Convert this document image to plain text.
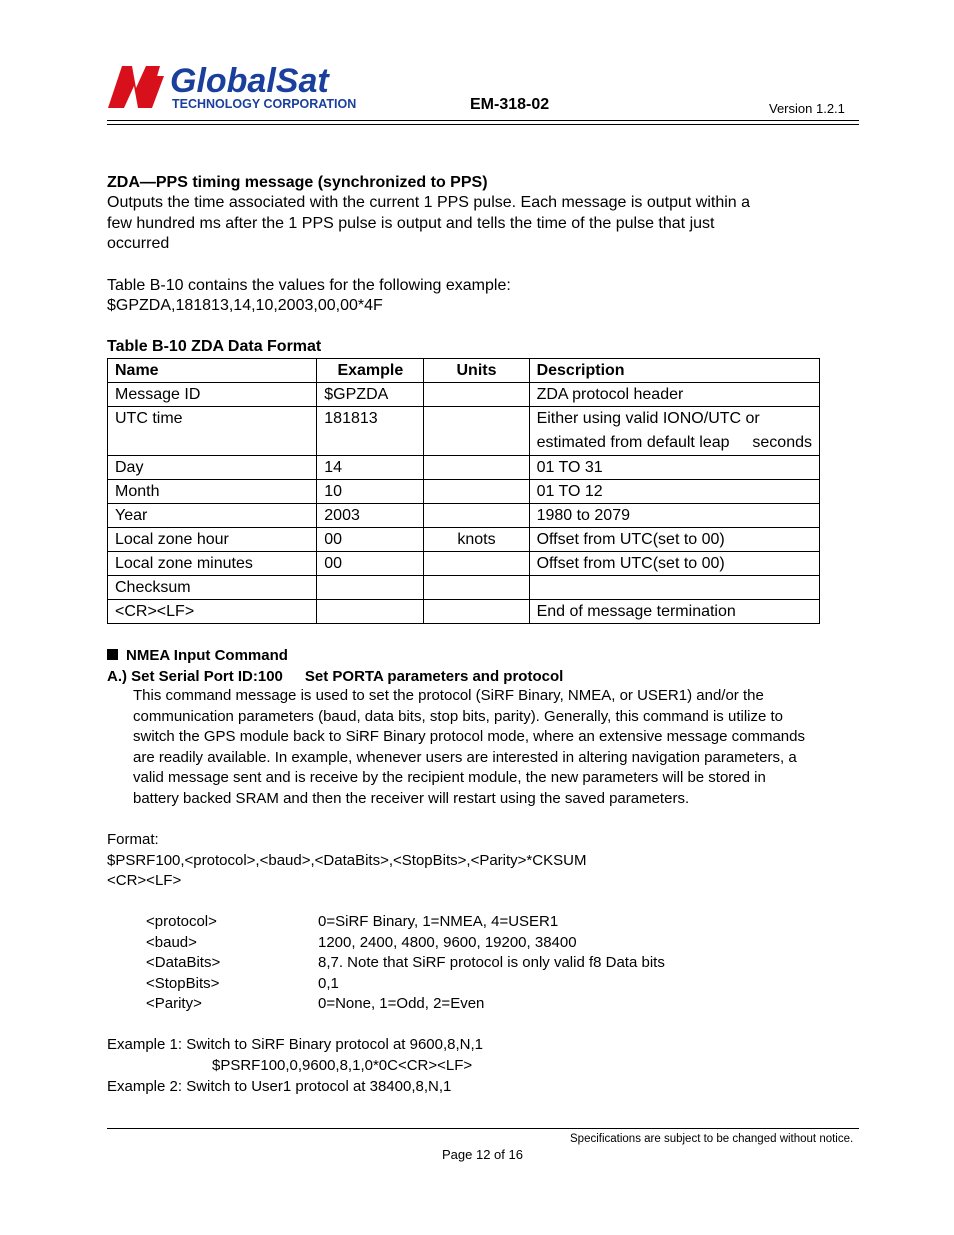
GlobalSat
TECHNOLOGY CORPORATION	EM-318-02	Version 1.2.1
ZDA—PPS timing message (synchronized to PPS)
Outputs the time associated with the current 1 PPS pulse. Each message is output within a
few hundred ms after the 1 PPS pulse is output and tells the time of the pulse that just
occurred
Table B-10 contains the values for the following example:
$GPZDA,181813,14,10,2003,00,00*4F
Table B-10 ZDA Data Format
Name	Example	Units	Description
Message ID	$GPZDA		ZDA protocol header
UTC time	181813		Either using valid IONO/UTC or
estimated from default leap seconds

Day	14		01 TO 31
Month	10		01 TO 12
Year	2003		1980 to 2079
Local zone hour	00	knots	Offset from UTC(set to 00)
Local zone minutes	00		Offset from UTC(set to 00)
Checksum			
<CR><LF>			End of message termination
NMEA Input Command
A.) Set Serial Port ID:100 Set PORTA parameters and protocol
This command message is used to set the protocol (SiRF Binary, NMEA, or USER1) and/or the
communication parameters (baud, data bits, stop bits, parity). Generally, this command is utilize to
switch the GPS module back to SiRF Binary protocol mode, where an extensive message commands
are readily available. In example, whenever users are interested in altering navigation parameters, a
valid message sent and is receive by the recipient module, the new parameters will be stored in
battery backed SRAM and then the receiver will restart using the saved parameters.
Format:
$PSRF100,<protocol>,<baud>,<DataBits>,<StopBits>,<Parity>*CKSUM
<CR><LF>
<protocol>	0=SiRF Binary, 1=NMEA, 4=USER1
<baud>	1200, 2400, 4800, 9600, 19200, 38400
<DataBits>	8,7. Note that SiRF protocol is only valid f8 Data bits
<StopBits>	0,1
<Parity>	0=None, 1=Odd, 2=Even
Example 1: Switch to SiRF Binary protocol at 9600,8,N,1
$PSRF100,0,9600,8,1,0*0C<CR><LF>
Example 2: Switch to User1 protocol at 38400,8,N,1
Specifications are subject to be changed without notice.
Page 12 of 16
